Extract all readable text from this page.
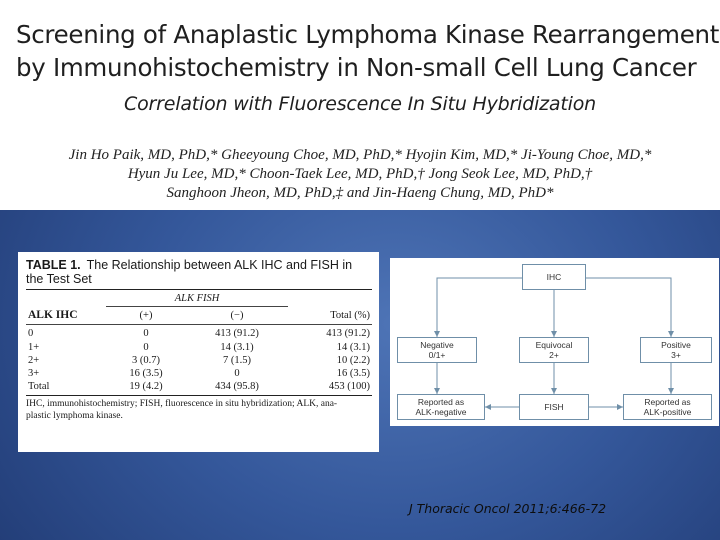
Screening of Anaplastic Lymphoma Kinase Rearrangement
by Immunohistochemistry in Non-small Cell Lung Cancer
Correlation with Fluorescence In Situ Hybridization
Jin Ho Paik, MD, PhD,* Gheeyoung Choe, MD, PhD,* Hyojin Kim, MD,* Ji-Young Choe, MD,*
Hyun Ju Lee, MD,* Choon-Taek Lee, MD, PhD,† Jong Seok Lee, MD, PhD,†
Sanghoon Jheon, MD, PhD,‡ and Jin-Haeng Chung, MD, PhD*
TABLE 1. The Relationship between ALK IHC and FISH in
the Test Set
	ALK FISH		
ALK IHC	(+)	(−)	Total (%)
0	0	413 (91.2)	413 (91.2)
1+	0	14 (3.1)	14 (3.1)
2+	3 (0.7)	7 (1.5)	10 (2.2)
3+	16 (3.5)	0	16 (3.5)
Total	19 (4.2)	434 (95.8)	453 (100)
IHC, immunohistochemistry; FISH, fluorescence in situ hybridization; ALK, ana-
plastic lymphoma kinase.
IHC
Negative
0/1+
Equivocal
2+
Positive
3+
Reported as
ALK-negative	FISH	Reported as
ALK-positive
J Thoracic Oncol 2011;6:466-72
